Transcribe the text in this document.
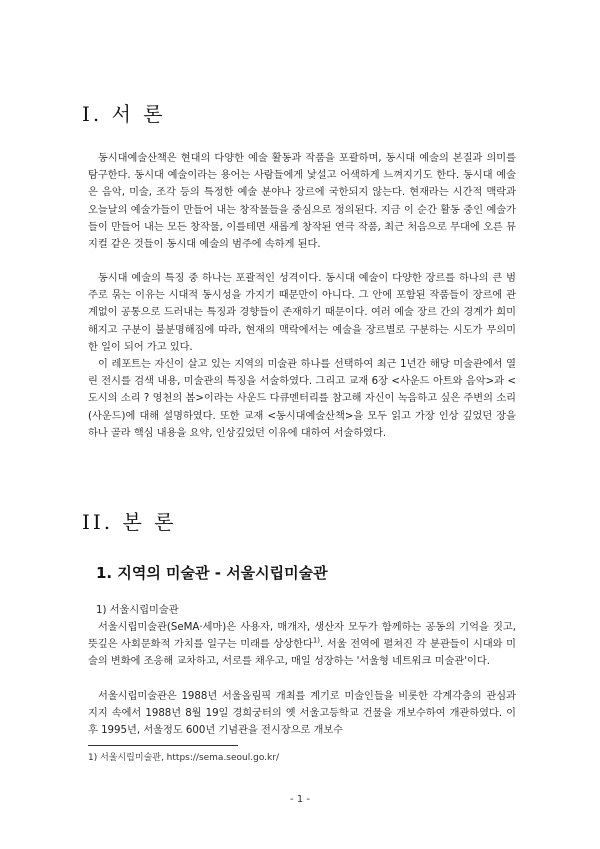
I. 서 론

동시대예술산책은 현대의 다양한 예술 활동과 작품을 포괄하며, 동시대 예술의 본질과 의미를 탐구한다. 동시대 예술이라는 용어는 사람들에게 낯설고 어색하게 느껴지기도 한다. 동시대 예술은 음악, 미술, 조각 등의 특정한 예술 분야나 장르에 국한되지 않는다. 현재라는 시간적 맥락과 오늘날의 예술가들이 만들어 내는 창작물들을 중심으로 정의된다. 지금 이 순간 활동 중인 예술가들이 만들어 내는 모든 창작물, 이를테면 새롭게 창작된 연극 작품, 최근 처음으로 무대에 오른 뮤지컬 같은 것들이 동시대 예술의 범주에 속하게 된다.

동시대 예술의 특징 중 하나는 포괄적인 성격이다. 동시대 예술이 다양한 장르를 하나의 큰 범주로 묶는 이유는 시대적 동시성을 가지기 때문만이 아니다. 그 안에 포함된 작품들이 장르에 관계없이 공통으로 드러내는 특징과 경향들이 존재하기 때문이다. 여러 예술 장르 간의 경계가 희미해지고 구분이 불분명해짐에 따라, 현재의 맥락에서는 예술을 장르별로 구분하는 시도가 무의미한 일이 되어 가고 있다.

이 레포트는 자신이 살고 있는 지역의 미술관 하나를 선택하여 최근 1년간 해당 미술관에서 열린 전시를 검색 내용, 미술관의 특징을 서술하였다. 그리고 교재 6장 <사운드 아트와 음악>과 <도시의 소리 ? 영천의 봄>이라는 사운드 다큐멘터리를 참고해 자신이 녹음하고 싶은 주변의 소리(사운드)에 대해 설명하였다. 또한 교재 <동시대예술산책>을 모두 읽고 가장 인상 깊었던 장을 하나 골라 핵심 내용을 요약, 인상깊었던 이유에 대하여 서술하였다.

II. 본 론
1. 지역의 미술관 - 서울시립미술관

1) 서울시립미술관

서울시립미술관(SeMA·세마)은 사용자, 매개자, 생산자 모두가 함께하는 공동의 기억을 짓고, 뜻깊은 사회문화적 가치를 일구는 미래를 상상한다$^{1)}$. 서울 전역에 펼쳐진 각 분관들이 시대와 미술의 변화에 조응해 교차하고, 서로를 채우고, 매일 성장하는 '서울형 네트워크 미술관'이다.

서울시립미술관은 1988년 서울올림픽 개최를 계기로 미술인들을 비롯한 각계각층의 관심과 지지 속에서 1988년 8월 19일 경희궁터의 옛 서울고등학교 건물을 개보수하여 개관하였다. 이후 1995년, 서울정도 600년 기념관을 전시장으로 개보수

1) 서울시립미술관, https://sema.seoul.go.kr/
- 1 -
